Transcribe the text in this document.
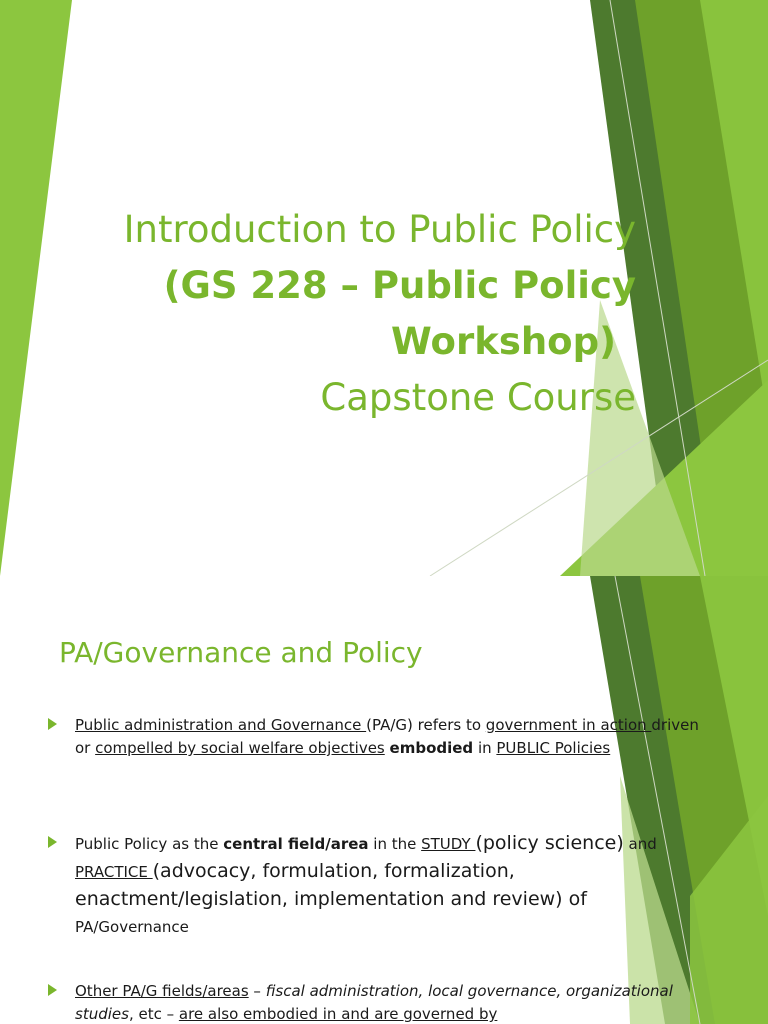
Introduction to Public Policy
(GS 228 – Public Policy
Workshop)
Capstone Course
PA/Governance and Policy
Public administration and Governance (PA/G) refers to government in action driven or compelled by social welfare objectives embodied in PUBLIC Policies
Public Policy as the central field/area in the STUDY (policy science) and PRACTICE (advocacy, formulation, formalization, enactment/legislation, implementation and review) of PA/Governance
Other PA/G fields/areas – fiscal administration, local governance, organizational studies, etc – are also embodied in and are governed by
